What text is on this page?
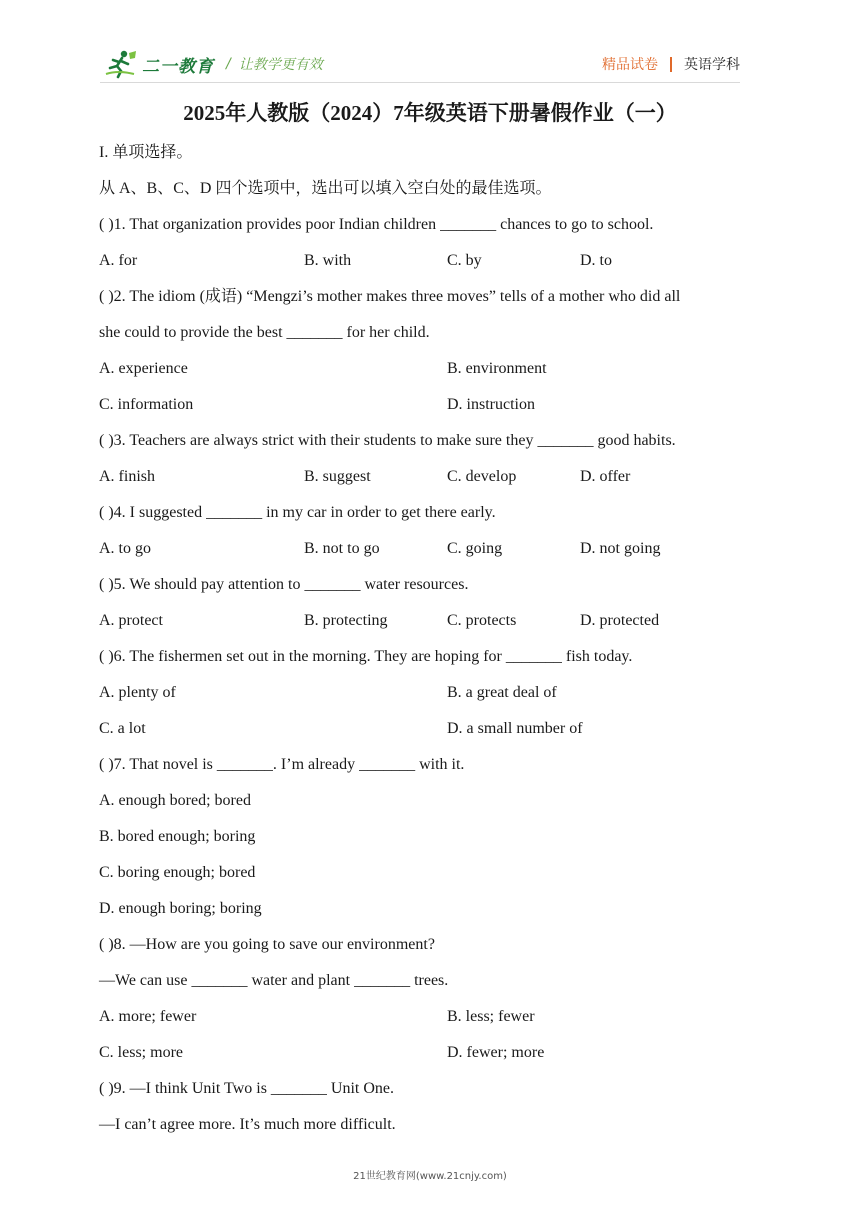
二一教育 / 让教学更有效	精品试卷 英语学科
2025年人教版（2024）7年级英语下册暑假作业（一）
I. 单项选择。
从 A、B、C、D 四个选项中，选出可以填入空白处的最佳选项。
( )1. That organization provides poor Indian children _______ chances to go to school.
A. for	B. with	C. by	D. to
( )2. The idiom (成语) “Mengzi’s mother makes three moves” tells of a mother who did all
she could to provide the best _______ for her child.
A. experience	B. environment
C. information	D. instruction
( )3. Teachers are always strict with their students to make sure they _______ good habits.
A. finish	B. suggest	C. develop	D. offer
( )4. I suggested _______ in my car in order to get there early.
A. to go	B. not to go	C. going	D. not going
( )5. We should pay attention to _______ water resources.
A. protect	B. protecting	C. protects	D. protected
( )6. The fishermen set out in the morning. They are hoping for _______ fish today.
A. plenty of	B. a great deal of
C. a lot	D. a small number of
( )7. That novel is _______. I’m already _______ with it.
A. enough bored; bored
B. bored enough; boring
C. boring enough; bored
D. enough boring; boring
( )8. —How are you going to save our environment?
—We can use _______ water and plant _______ trees.
A. more; fewer	B. less; fewer
C. less; more	D. fewer; more
( )9. —I think Unit Two is _______ Unit One.
—I can’t agree more. It’s much more difficult.
21世纪教育网(www.21cnjy.com)
